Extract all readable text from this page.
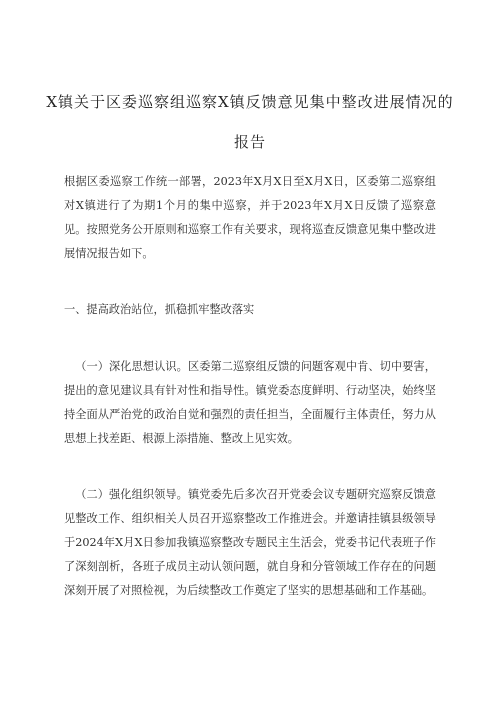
X镇关于区委巡察组巡察X镇反馈意见集中整改进展情况的
报告
根据区委巡察工作统一部署，2023年X月X日至X月X日，区委第二巡察组对X镇进行了为期1个月的集中巡察，并于2023年X月X日反馈了巡察意见。按照党务公开原则和巡察工作有关要求，现将巡查反馈意见集中整改进展情况报告如下。
一、提高政治站位，抓稳抓牢整改落实
（一）深化思想认识。区委第二巡察组反馈的问题客观中肯、切中要害，提出的意见建议具有针对性和指导性。镇党委态度鲜明、行动坚决，始终坚持全面从严治党的政治自觉和强烈的责任担当，全面履行主体责任，努力从思想上找差距、根源上添措施、整改上见实效。
（二）强化组织领导。镇党委先后多次召开党委会议专题研究巡察反馈意见整改工作、组织相关人员召开巡察整改工作推进会。并邀请挂镇县级领导于2024年X月X日参加我镇巡察整改专题民主生活会，党委书记代表班子作了深刻剖析，各班子成员主动认领问题，就自身和分管领域工作存在的问题深刻开展了对照检视，为后续整改工作奠定了坚实的思想基础和工作基础。
